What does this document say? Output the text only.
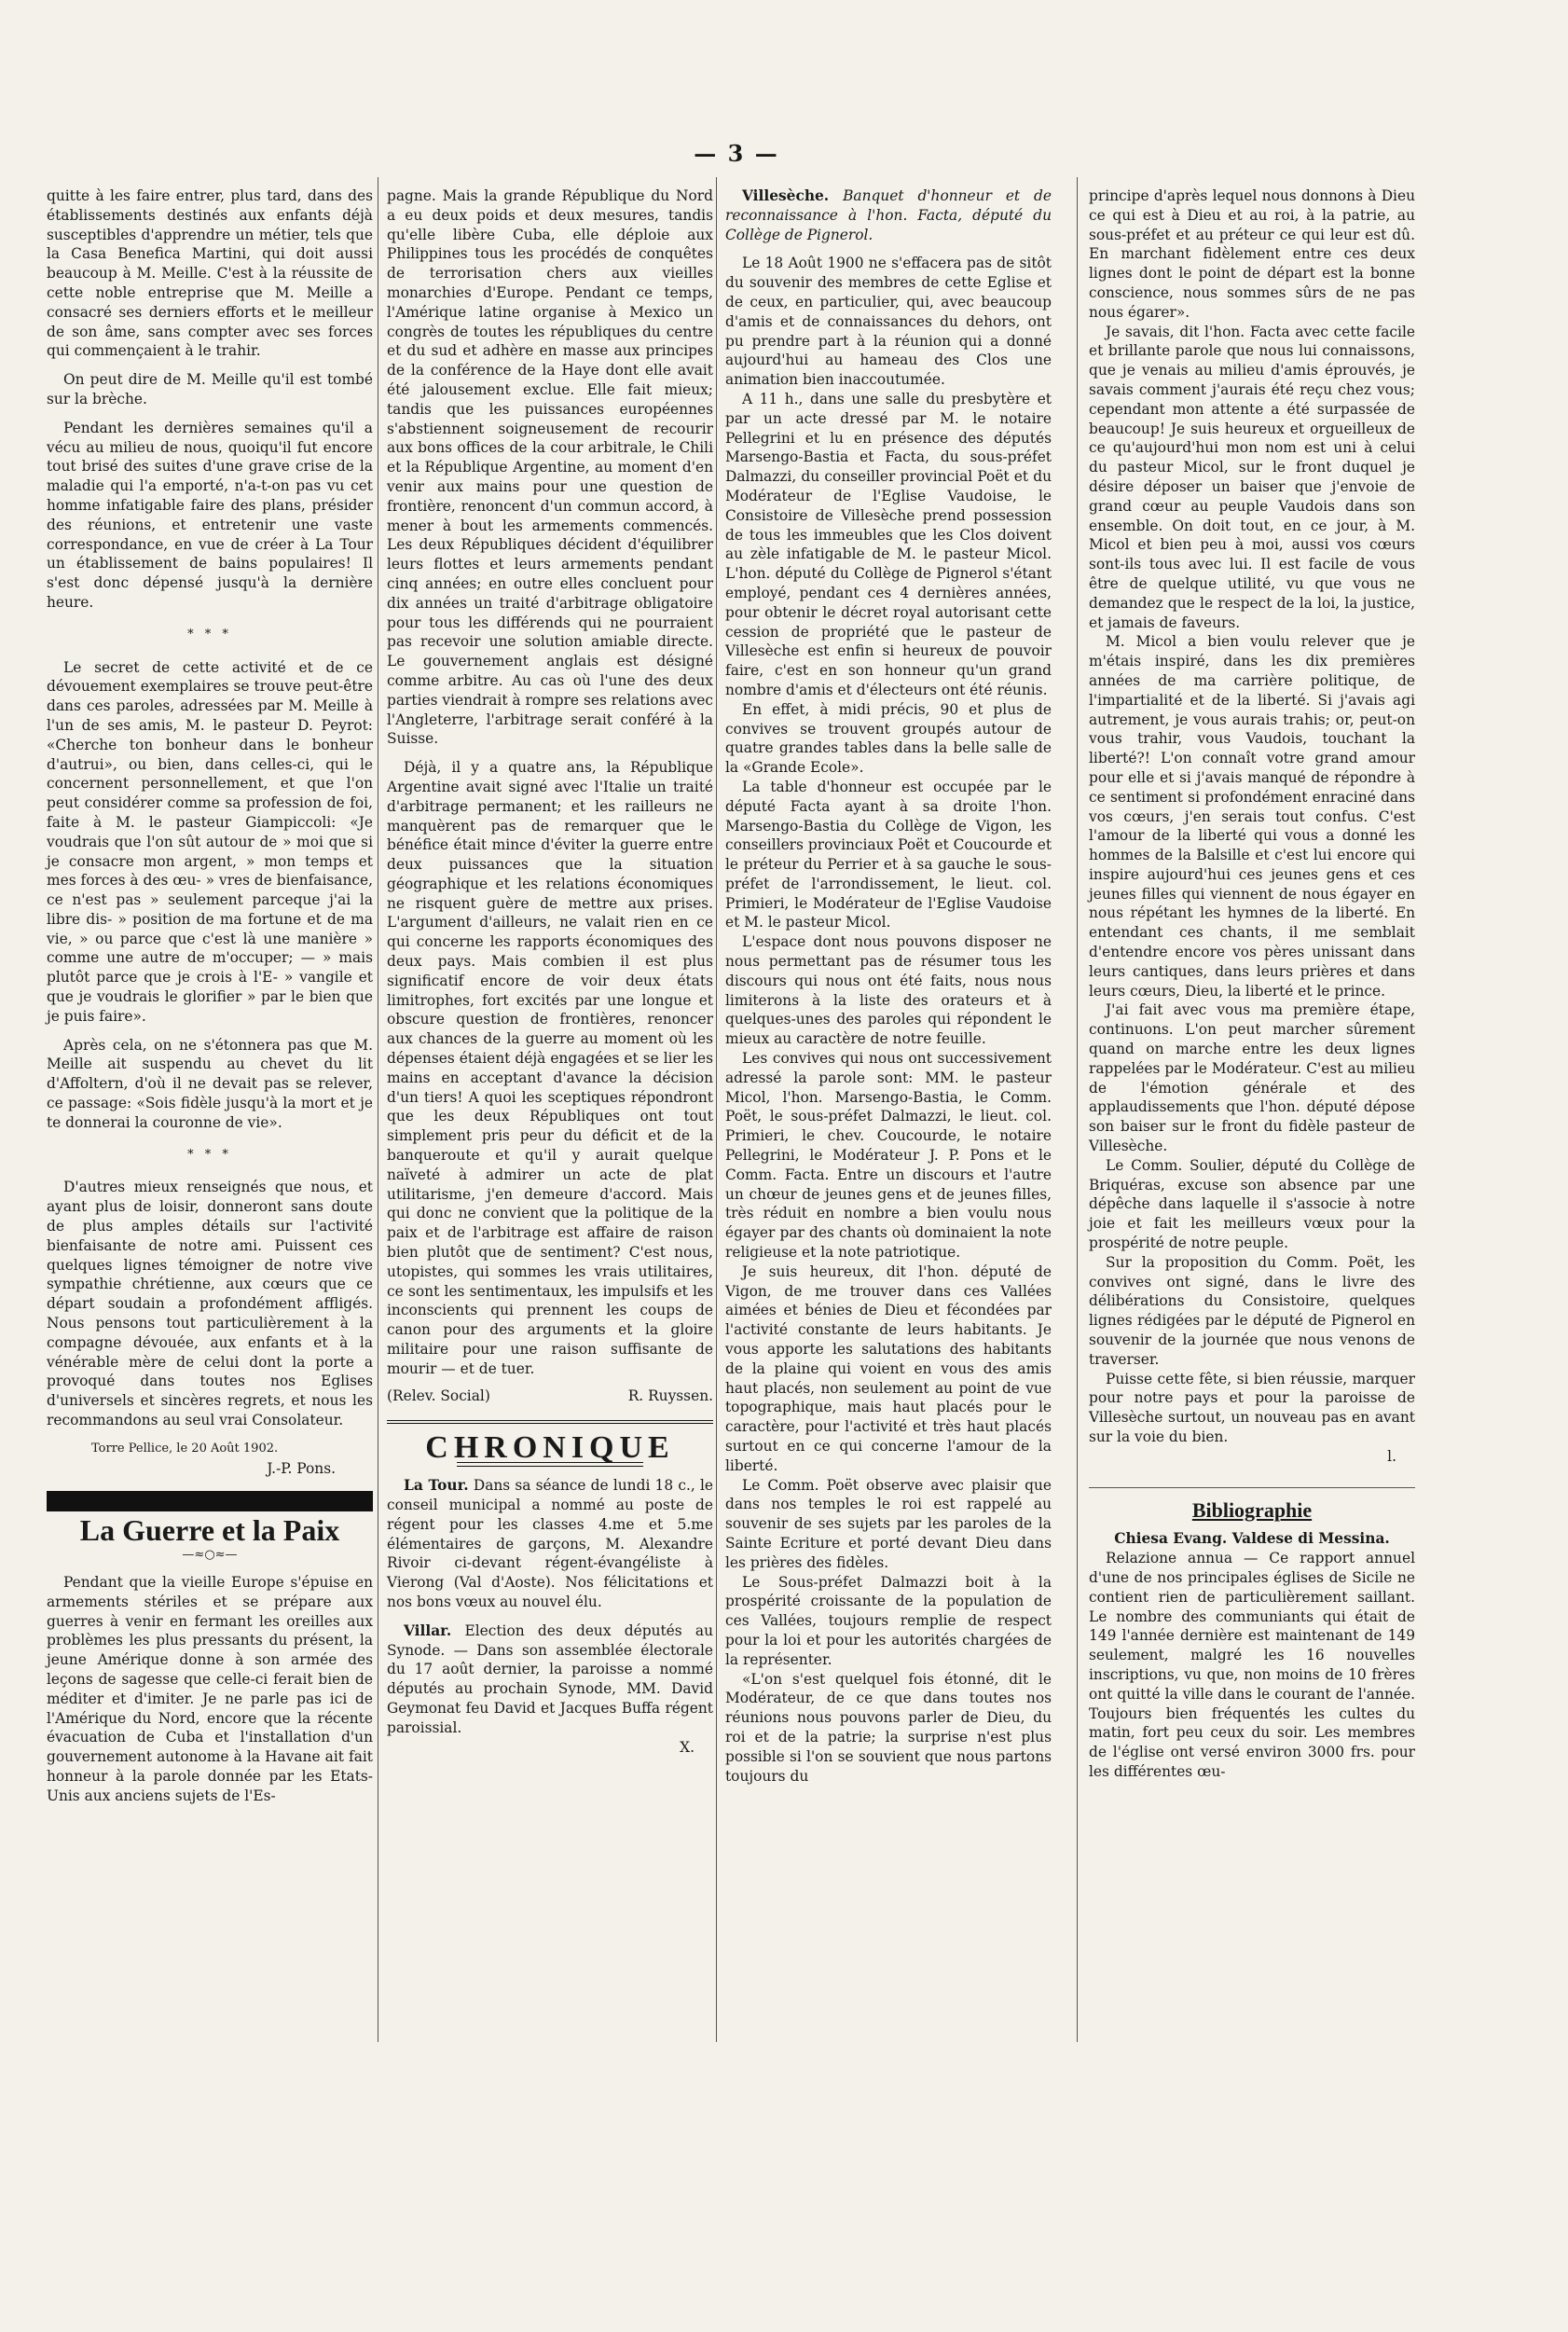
— 3 —

quitte à les faire entrer, plus tard, dans des établissements destinés aux enfants déjà susceptibles d'apprendre un métier, tels que la Casa Benefica Martini, qui doit aussi beaucoup à M. Meille. C'est à la réussite de cette noble entreprise que M. Meille a consacré ses derniers efforts et le meilleur de son âme, sans compter avec ses forces qui commençaient à le trahir.

On peut dire de M. Meille qu'il est tombé sur la brèche.

Pendant les dernières semaines qu'il a vécu au milieu de nous, quoiqu'il fut encore tout brisé des suites d'une grave crise de la maladie qui l'a emporté, n'a-t-on pas vu cet homme infatigable faire des plans, présider des réunions, et entretenir une vaste correspondance, en vue de créer à La Tour un établissement de bains populaires! Il s'est donc dépensé jusqu'à la dernière heure.

* * *

Le secret de cette activité et de ce dévouement exemplaires se trouve peut-être dans ces paroles, adressées par M. Meille à l'un de ses amis, M. le pasteur D. Peyrot: «Cherche ton bonheur dans le bonheur d'autrui», ou bien, dans celles-ci, qui le concernent personnellement, et que l'on peut considérer comme sa profession de foi, faite à M. le pasteur Giampiccoli: «Je voudrais que l'on sût autour de » moi que si je consacre mon argent, » mon temps et mes forces à des œu- » vres de bienfaisance, ce n'est pas » seulement parceque j'ai la libre dis- » position de ma fortune et de ma vie, » ou parce que c'est là une manière » comme une autre de m'occuper; — » mais plutôt parce que je crois à l'E- » vangile et que je voudrais le glorifier » par le bien que je puis faire».

Après cela, on ne s'étonnera pas que M. Meille ait suspendu au chevet du lit d'Affoltern, d'où il ne devait pas se relever, ce passage: «Sois fidèle jusqu'à la mort et je te donnerai la couronne de vie».

* * *

D'autres mieux renseignés que nous, et ayant plus de loisir, donneront sans doute de plus amples détails sur l'activité bienfaisante de notre ami. Puissent ces quelques lignes témoigner de notre vive sympathie chrétienne, aux cœurs que ce départ soudain a profondément affligés. Nous pensons tout particulièrement à la compagne dévouée, aux enfants et à la vénérable mère de celui dont la porte a provoqué dans toutes nos Eglises d'universels et sincères regrets, et nous les recommandons au seul vrai Consolateur.

Torre Pellice, le 20 Août 1902.

J.-P. Pons.

La Guerre et la Paix
—≈○≈—

Pendant que la vieille Europe s'épuise en armements stériles et se prépare aux guerres à venir en fermant les oreilles aux problèmes les plus pressants du présent, la jeune Amérique donne à son armée des leçons de sagesse que celle-ci ferait bien de méditer et d'imiter. Je ne parle pas ici de l'Amérique du Nord, encore que la récente évacuation de Cuba et l'installation d'un gouvernement autonome à la Havane ait fait honneur à la parole donnée par les Etats-Unis aux anciens sujets de l'Es-

pagne. Mais la grande République du Nord a eu deux poids et deux mesures, tandis qu'elle libère Cuba, elle déploie aux Philippines tous les procédés de conquêtes de terrorisation chers aux vieilles monarchies d'Europe. Pendant ce temps, l'Amérique latine organise à Mexico un congrès de toutes les républiques du centre et du sud et adhère en masse aux principes de la conférence de la Haye dont elle avait été jalousement exclue. Elle fait mieux; tandis que les puissances européennes s'abstiennent soigneusement de recourir aux bons offices de la cour arbitrale, le Chili et la République Argentine, au moment d'en venir aux mains pour une question de frontière, renoncent d'un commun accord, à mener à bout les armements commencés. Les deux Républiques décident d'équilibrer leurs flottes et leurs armements pendant cinq années; en outre elles concluent pour dix années un traité d'arbitrage obligatoire pour tous les différends qui ne pourraient pas recevoir une solution amiable directe. Le gouvernement anglais est désigné comme arbitre. Au cas où l'une des deux parties viendrait à rompre ses relations avec l'Angleterre, l'arbitrage serait conféré à la Suisse.

Déjà, il y a quatre ans, la République Argentine avait signé avec l'Italie un traité d'arbitrage permanent; et les railleurs ne manquèrent pas de remarquer que le bénéfice était mince d'éviter la guerre entre deux puissances que la situation géographique et les relations économiques ne risquent guère de mettre aux prises. L'argument d'ailleurs, ne valait rien en ce qui concerne les rapports économiques des deux pays. Mais combien il est plus significatif encore de voir deux états limitrophes, fort excités par une longue et obscure question de frontières, renoncer aux chances de la guerre au moment où les dépenses étaient déjà engagées et se lier les mains en acceptant d'avance la décision d'un tiers! A quoi les sceptiques répondront que les deux Républiques ont tout simplement pris peur du déficit et de la banqueroute et qu'il y aurait quelque naïveté à admirer un acte de plat utilitarisme, j'en demeure d'accord. Mais qui donc ne convient que la politique de la paix et de l'arbitrage est affaire de raison bien plutôt que de sentiment? C'est nous, utopistes, qui sommes les vrais utilitaires, ce sont les sentimentaux, les impulsifs et les inconscients qui prennent les coups de canon pour des arguments et la gloire militaire pour une raison suffisante de mourir — et de tuer.

(Relev. Social)	R. Ruyssen.
CHRONIQUE

La Tour. Dans sa séance de lundi 18 c., le conseil municipal a nommé au poste de régent pour les classes 4.me et 5.me élémentaires de garçons, M. Alexandre Rivoir ci-devant régent-évangéliste à Vierong (Val d'Aoste). Nos félicitations et nos bons vœux au nouvel élu.

Villar. Election des deux députés au Synode. — Dans son assemblée électorale du 17 août dernier, la paroisse a nommé députés au prochain Synode, MM. David Geymonat feu David et Jacques Buffa régent paroissial.

X.

Villesèche. Banquet d'honneur et de reconnaissance à l'hon. Facta, député du Collège de Pignerol.

Le 18 Août 1900 ne s'effacera pas de sitôt du souvenir des membres de cette Eglise et de ceux, en particulier, qui, avec beaucoup d'amis et de connaissances du dehors, ont pu prendre part à la réunion qui a donné aujourd'hui au hameau des Clos une animation bien inaccoutumée.

A 11 h., dans une salle du presbytère et par un acte dressé par M. le notaire Pellegrini et lu en présence des députés Marsengo-Bastia et Facta, du sous-préfet Dalmazzi, du conseiller provincial Poët et du Modérateur de l'Eglise Vaudoise, le Consistoire de Villesèche prend possession de tous les immeubles que les Clos doivent au zèle infatigable de M. le pasteur Micol. L'hon. député du Collège de Pignerol s'étant employé, pendant ces 4 dernières années, pour obtenir le décret royal autorisant cette cession de propriété que le pasteur de Villesèche est enfin si heureux de pouvoir faire, c'est en son honneur qu'un grand nombre d'amis et d'électeurs ont été réunis.

En effet, à midi précis, 90 et plus de convives se trouvent groupés autour de quatre grandes tables dans la belle salle de la «Grande Ecole».

La table d'honneur est occupée par le député Facta ayant à sa droite l'hon. Marsengo-Bastia du Collège de Vigon, les conseillers provinciaux Poët et Coucourde et le préteur du Perrier et à sa gauche le sous-préfet de l'arrondissement, le lieut. col. Primieri, le Modérateur de l'Eglise Vaudoise et M. le pasteur Micol.

L'espace dont nous pouvons disposer ne nous permettant pas de résumer tous les discours qui nous ont été faits, nous nous limiterons à la liste des orateurs et à quelques-unes des paroles qui répondent le mieux au caractère de notre feuille.

Les convives qui nous ont successivement adressé la parole sont: MM. le pasteur Micol, l'hon. Marsengo-Bastia, le Comm. Poët, le sous-préfet Dalmazzi, le lieut. col. Primieri, le chev. Coucourde, le notaire Pellegrini, le Modérateur J. P. Pons et le Comm. Facta. Entre un discours et l'autre un chœur de jeunes gens et de jeunes filles, très réduit en nombre a bien voulu nous égayer par des chants où dominaient la note religieuse et la note patriotique.

Je suis heureux, dit l'hon. député de Vigon, de me trouver dans ces Vallées aimées et bénies de Dieu et fécondées par l'activité constante de leurs habitants. Je vous apporte les salutations des habitants de la plaine qui voient en vous des amis haut placés, non seulement au point de vue topographique, mais haut placés pour le caractère, pour l'activité et très haut placés surtout en ce qui concerne l'amour de la liberté.

Le Comm. Poët observe avec plaisir que dans nos temples le roi est rappelé au souvenir de ses sujets par les paroles de la Sainte Ecriture et porté devant Dieu dans les prières des fidèles.

Le Sous-préfet Dalmazzi boit à la prospérité croissante de la population de ces Vallées, toujours remplie de respect pour la loi et pour les autorités chargées de la représenter.

«L'on s'est quelquel fois étonné, dit le Modérateur, de ce que dans toutes nos réunions nous pouvons parler de Dieu, du roi et de la patrie; la surprise n'est plus possible si l'on se souvient que nous partons toujours du

principe d'après lequel nous donnons à Dieu ce qui est à Dieu et au roi, à la patrie, au sous-préfet et au préteur ce qui leur est dû. En marchant fidèlement entre ces deux lignes dont le point de départ est la bonne conscience, nous sommes sûrs de ne pas nous égarer».

Je savais, dit l'hon. Facta avec cette facile et brillante parole que nous lui connaissons, que je venais au milieu d'amis éprouvés, je savais comment j'aurais été reçu chez vous; cependant mon attente a été surpassée de beaucoup! Je suis heureux et orgueilleux de ce qu'aujourd'hui mon nom est uni à celui du pasteur Micol, sur le front duquel je désire déposer un baiser que j'envoie de grand cœur au peuple Vaudois dans son ensemble. On doit tout, en ce jour, à M. Micol et bien peu à moi, aussi vos cœurs sont-ils tous avec lui. Il est facile de vous être de quelque utilité, vu que vous ne demandez que le respect de la loi, la justice, et jamais de faveurs.

M. Micol a bien voulu relever que je m'étais inspiré, dans les dix premières années de ma carrière politique, de l'impartialité et de la liberté. Si j'avais agi autrement, je vous aurais trahis; or, peut-on vous trahir, vous Vaudois, touchant la liberté?! L'on connaît votre grand amour pour elle et si j'avais manqué de répondre à ce sentiment si profondément enraciné dans vos cœurs, j'en serais tout confus. C'est l'amour de la liberté qui vous a donné les hommes de la Balsille et c'est lui encore qui inspire aujourd'hui ces jeunes gens et ces jeunes filles qui viennent de nous égayer en nous répétant les hymnes de la liberté. En entendant ces chants, il me semblait d'entendre encore vos pères unissant dans leurs cantiques, dans leurs prières et dans leurs cœurs, Dieu, la liberté et le prince.

J'ai fait avec vous ma première étape, continuons. L'on peut marcher sûrement quand on marche entre les deux lignes rappelées par le Modérateur. C'est au milieu de l'émotion générale et des applaudissements que l'hon. député dépose son baiser sur le front du fidèle pasteur de Villesèche.

Le Comm. Soulier, député du Collège de Briquéras, excuse son absence par une dépêche dans laquelle il s'associe à notre joie et fait les meilleurs vœux pour la prospérité de notre peuple.

Sur la proposition du Comm. Poët, les convives ont signé, dans le livre des délibérations du Consistoire, quelques lignes rédigées par le député de Pignerol en souvenir de la journée que nous venons de traverser.

Puisse cette fête, si bien réussie, marquer pour notre pays et pour la paroisse de Villesèche surtout, un nouveau pas en avant sur la voie du bien.

l.

Bibliographie

Chiesa Evang. Valdese di Messina.

Relazione annua — Ce rapport annuel d'une de nos principales églises de Sicile ne contient rien de particulièrement saillant. Le nombre des communiants qui était de 149 l'année dernière est maintenant de 149 seulement, malgré les 16 nouvelles inscriptions, vu que, non moins de 10 frères ont quitté la ville dans le courant de l'année. Toujours bien fréquentés les cultes du matin, fort peu ceux du soir. Les membres de l'église ont versé environ 3000 frs. pour les différentes œu-
